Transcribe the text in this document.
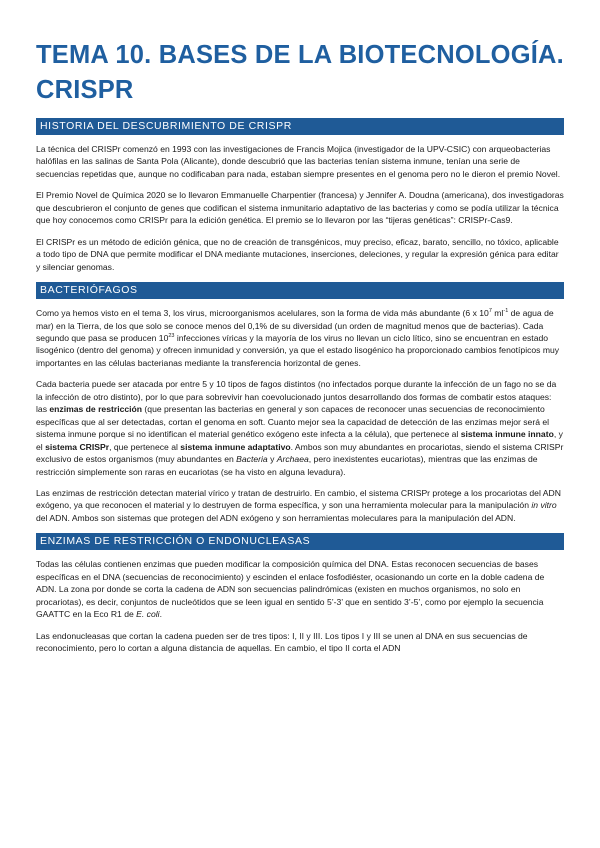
TEMA 10. BASES DE LA BIOTECNOLOGÍA.
CRISPR
HISTORIA DEL DESCUBRIMIENTO DE CRISPR

La técnica del CRISPr comenzó en 1993 con las investigaciones de Francis Mojica (investigador de la UPV-CSIC) con arqueobacterias halófilas en las salinas de Santa Pola (Alicante), donde descubrió que las bacterias tenían sistema inmune, tenían una serie de secuencias repetidas que, aunque no codificaban para nada, estaban siempre presentes en el genoma pero no le dieron el premio Novel.

El Premio Novel de Química 2020 se lo llevaron Emmanuelle Charpentier (francesa) y Jennifer A. Doudna (americana), dos investigadoras que descubrieron el conjunto de genes que codifican el sistema inmunitario adaptativo de las bacterias y como se podía utilizar la técnica que hoy conocemos como CRISPr para la edición genética. El premio se lo llevaron por las “tijeras genéticas”: CRISPr-Cas9.

El CRISPr es un método de edición génica, que no de creación de transgénicos, muy preciso, eficaz, barato, sencillo, no tóxico, aplicable a todo tipo de DNA que permite modificar el DNA mediante mutaciones, inserciones, deleciones, y regular la expresión génica para editar y silenciar genomas.

BACTERIÓFAGOS

Como ya hemos visto en el tema 3, los virus, microorganismos acelulares, son la forma de vida más abundante (6 x $10^7$ $ml^{-1}$ de agua de mar) en la Tierra, de los que solo se conoce menos del 0,1% de su diversidad (un orden de magnitud menos que de bacterias). Cada segundo que pasa se producen $10^{23}$ infecciones víricas y la mayoría de los virus no llevan un ciclo lítico, sino se encuentran en estado lisogénico (dentro del genoma) y ofrecen inmunidad y conversión, ya que el estado lisogénico ha proporcionado cambios fenotípicos muy importantes en las células bacterianas mediante la transferencia horizontal de genes.

Cada bacteria puede ser atacada por entre 5 y 10 tipos de fagos distintos (no infectados porque durante la infección de un fago no se da la infección de otro distinto), por lo que para sobrevivir han coevolucionado juntos desarrollando dos formas de combatir estos ataques: las enzimas de restricción (que presentan las bacterias en general y son capaces de reconocer unas secuencias de reconocimiento específicas que al ser detectadas, cortan el genoma en soft. Cuanto mejor sea la capacidad de detección de las enzimas mejor será el sistema inmune porque si no identifican el material genético exógeno este infecta a la célula), que pertenece al sistema inmune innato, y el sistema CRISPr, que pertenece al sistema inmune adaptativo. Ambos son muy abundantes en procariotas, siendo el sistema CRISPr exclusivo de estos organismos (muy abundantes en Bacteria y Archaea, pero inexistentes eucariotas), mientras que las enzimas de restricción simplemente son raras en eucariotas (se ha visto en alguna levadura).

Las enzimas de restricción detectan material vírico y tratan de destruirlo. En cambio, el sistema CRISPr protege a los procariotas del ADN exógeno, ya que reconocen el material y lo destruyen de forma específica, y son una herramienta molecular para la manipulación in vitro del ADN. Ambos son sistemas que protegen del ADN exógeno y son herramientas moleculares para la manipulación del ADN.

ENZIMAS DE RESTRICCIÓN O ENDONUCLEASAS

Todas las células contienen enzimas que pueden modificar la composición química del DNA. Estas reconocen secuencias de bases específicas en el DNA (secuencias de reconocimiento) y escinden el enlace fosfodiéster, ocasionando un corte en la doble cadena de ADN. La zona por donde se corta la cadena de ADN son secuencias palindrómicas (existen en muchos organismos, no solo en procariotas), es decir, conjuntos de nucleótidos que se leen igual en sentido 5’-3’ que en sentido 3’-5’, como por ejemplo la secuencia GAATTC en la Eco R1 de E. coli.

Las endonucleasas que cortan la cadena pueden ser de tres tipos: I, II y III. Los tipos I y III se unen al DNA en sus secuencias de reconocimiento, pero lo cortan a alguna distancia de aquellas. En cambio, el tipo II corta el ADN
